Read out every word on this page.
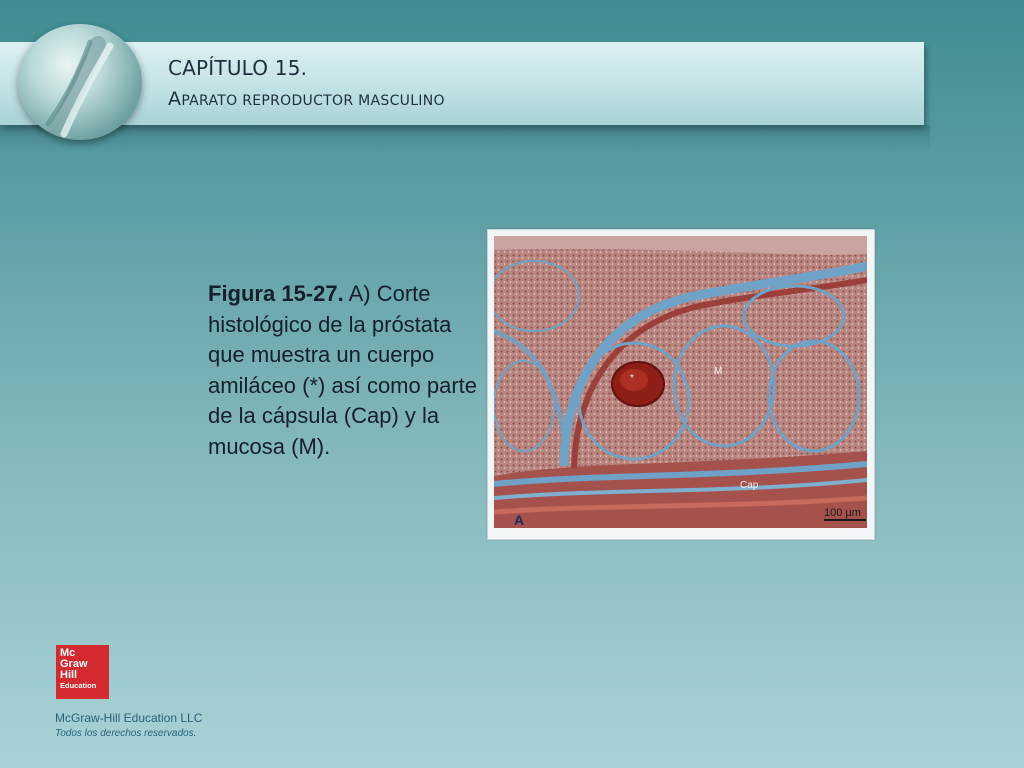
CAPÍTULO 15.
APARATO REPRODUCTOR MASCULINO
Figura 15-27. A) Corte histológico de la próstata que muestra un cuerpo amiláceo (*) así como parte de la cápsula (Cap) y la mucosa (M).
*
M
Cap
A	100 µm
Mc
Graw
Hill
Education
McGraw-Hill Education LLC
Todos los derechos reservados.
